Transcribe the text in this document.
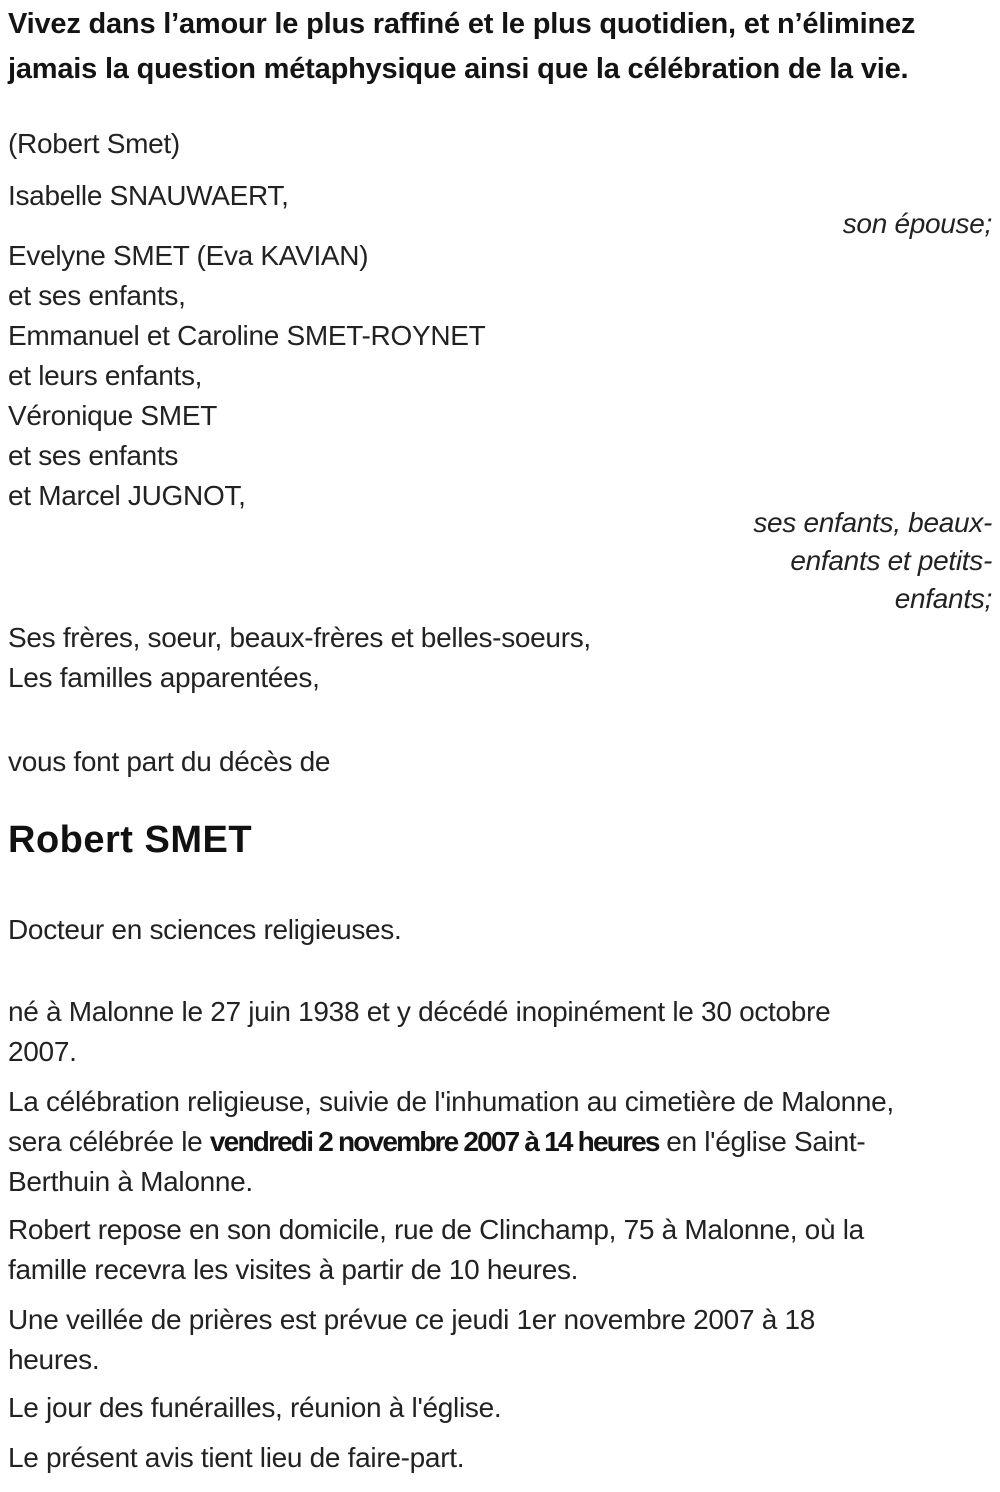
Vivez dans l’amour le plus raffiné et le plus quotidien, et n’éliminez jamais la question métaphysique ainsi que la célébration de la vie.
(Robert Smet)
Isabelle SNAUWAERT,
son épouse;
Evelyne SMET (Eva KAVIAN)
et ses enfants,
Emmanuel et Caroline SMET-ROYNET
et leurs enfants,
Véronique SMET
et ses enfants
et Marcel JUGNOT,
ses enfants, beaux-enfants et petits-enfants;
Ses frères, soeur, beaux-frères et belles-soeurs,
Les familles apparentées,
vous font part du décès de
Robert SMET
Docteur en sciences religieuses.
né à Malonne le 27 juin 1938 et y décédé inopinément le 30 octobre 2007.
La célébration religieuse, suivie de l'inhumation au cimetière de Malonne, sera célébrée le vendredi 2 novembre 2007 à 14 heures en l'église Saint-Berthuin à Malonne.
Robert repose en son domicile, rue de Clinchamp, 75 à Malonne, où la famille recevra les visites à partir de 10 heures.
Une veillée de prières est prévue ce jeudi 1er novembre 2007 à 18 heures.
Le jour des funérailles, réunion à l'église.
Le présent avis tient lieu de faire-part.
